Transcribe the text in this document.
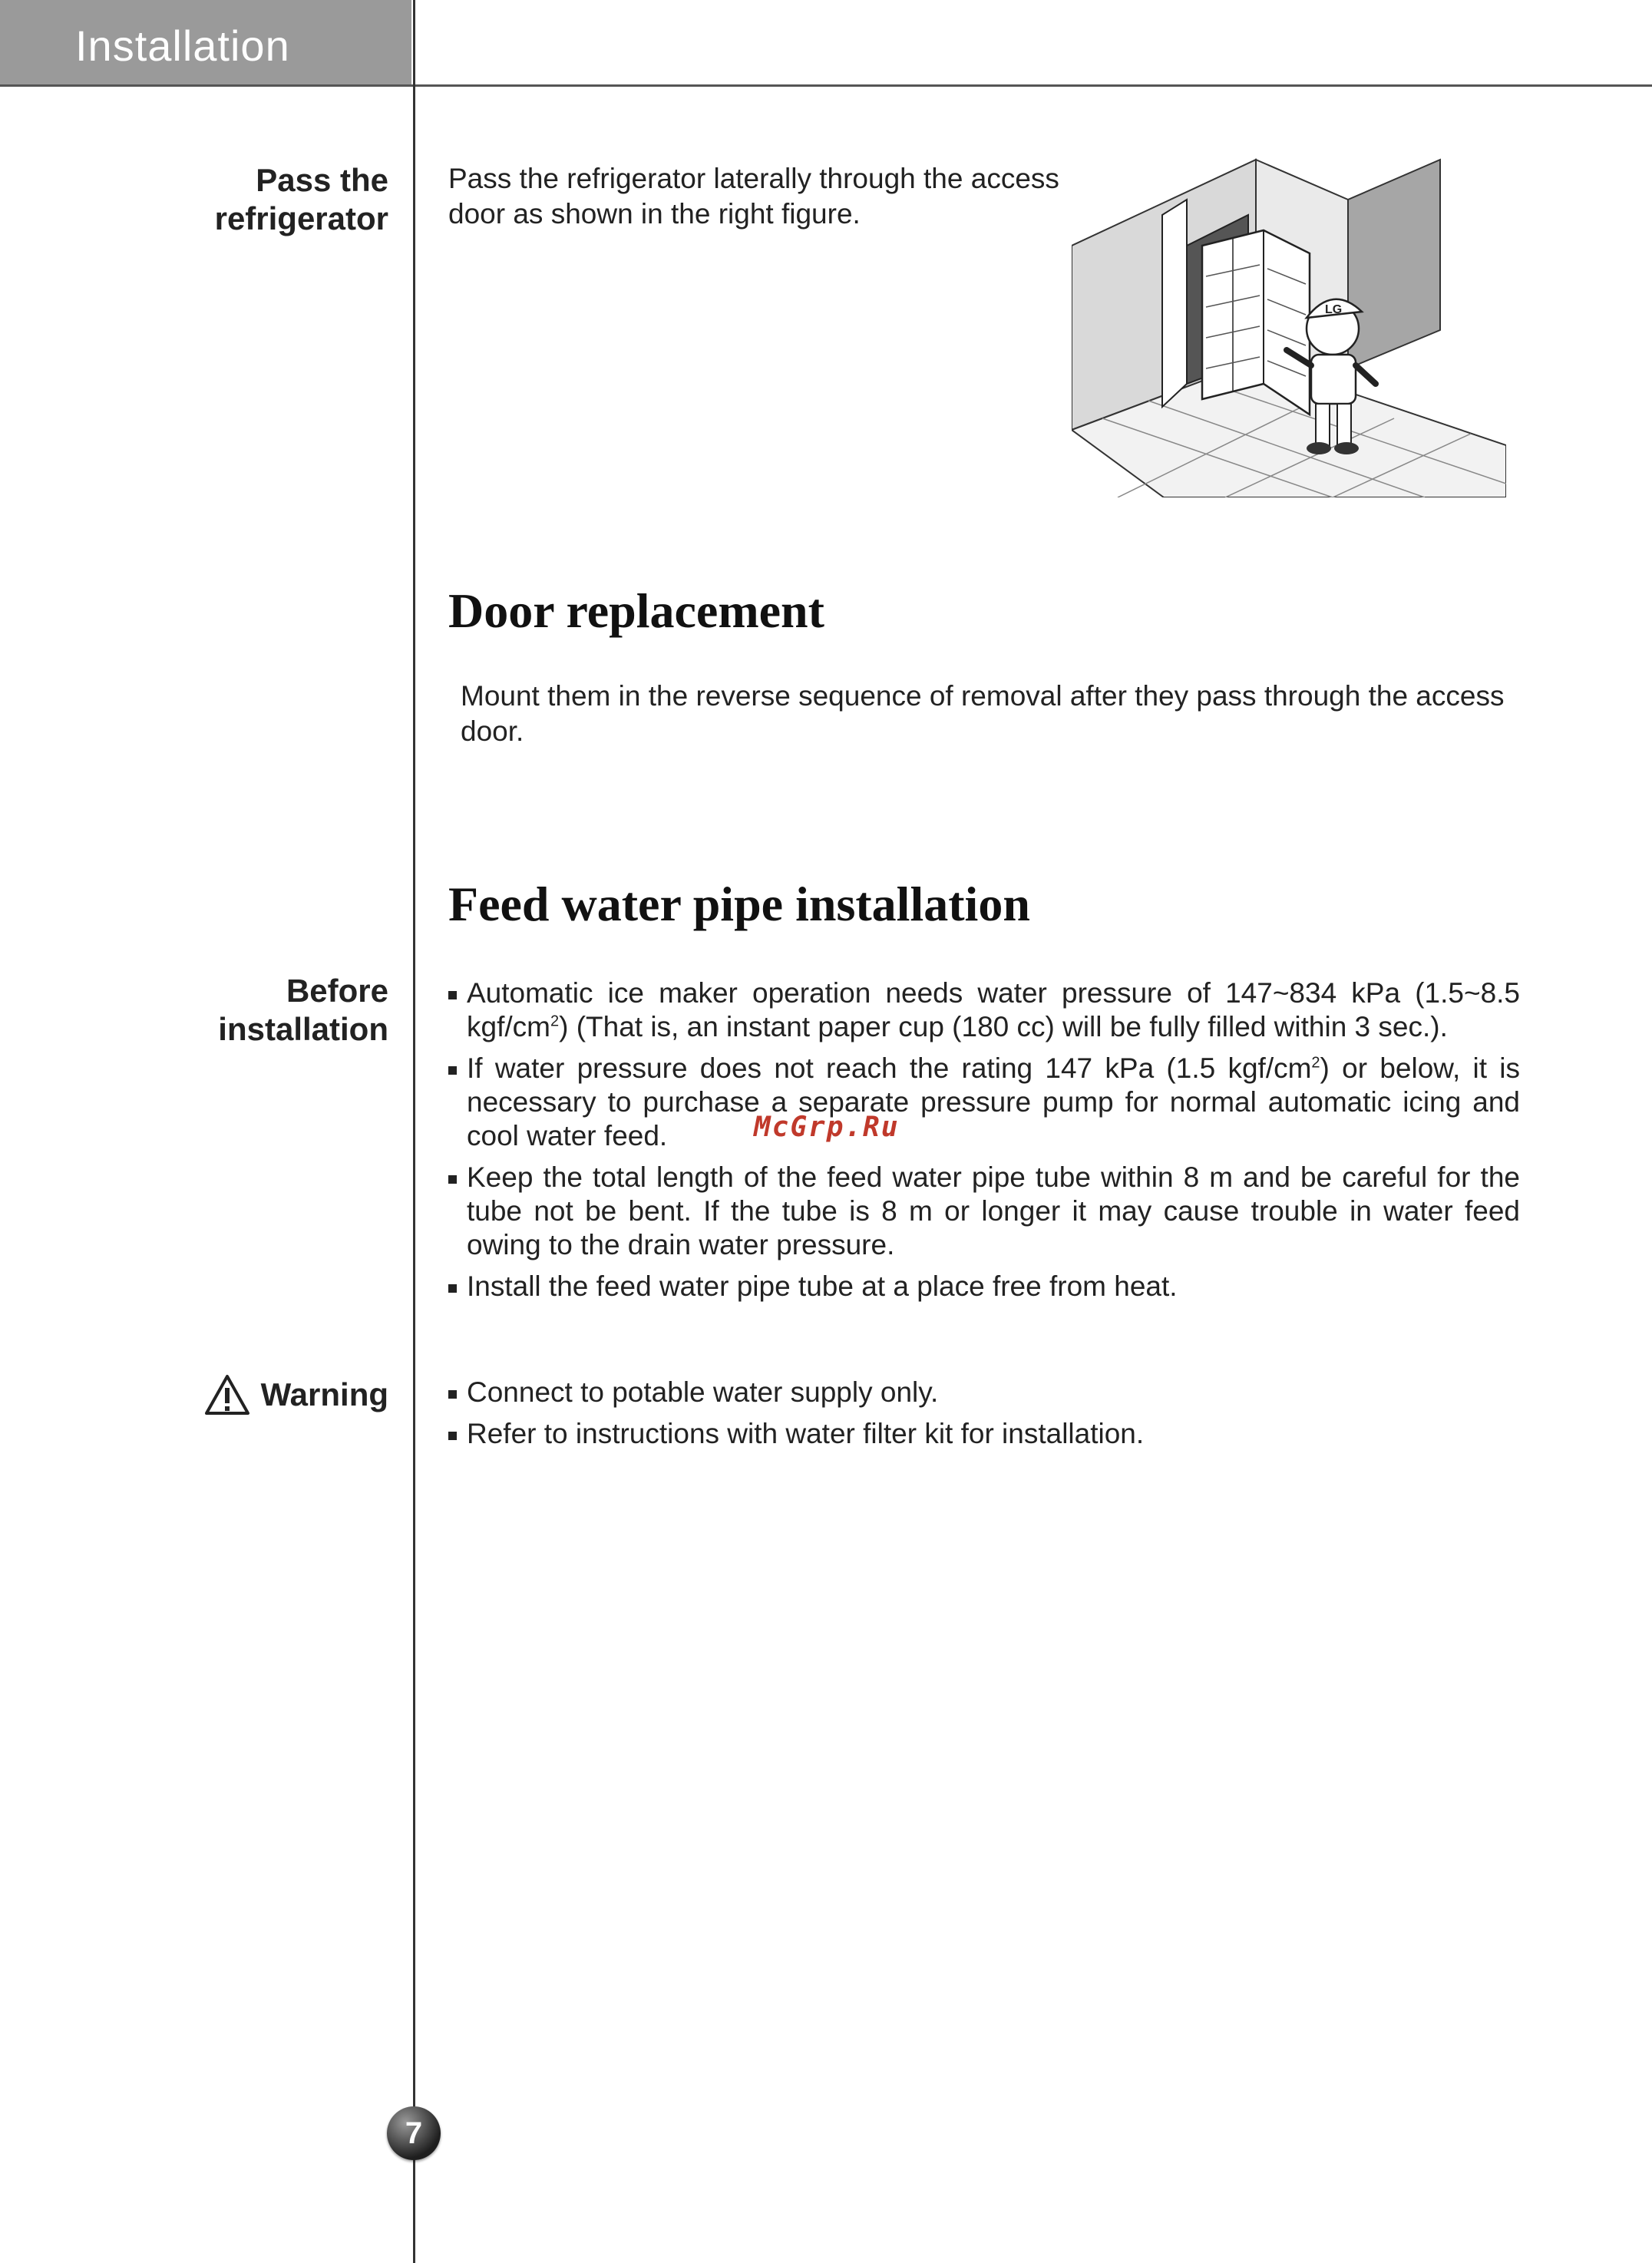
Installation
Pass the
refrigerator
Pass the refrigerator laterally through the access
door as shown in the right figure.
LG
Door replacement
Mount them in the reverse sequence of removal after they pass through the access
door.
Feed water pipe installation
Before
installation
Automatic ice maker operation needs water pressure of 147~834 kPa (1.5~8.5 kgf/$cm^2$) (That is, an instant paper cup (180 cc) will be fully filled within 3 sec.).
If water pressure does not reach the rating 147 kPa (1.5 kgf/$cm^2$) or below, it is necessary to purchase a separate pressure pump for normal automatic icing and cool water feed.
Keep the total length of the feed water pipe tube within 8 m and be careful for the tube not be bent. If the tube is 8 m or longer it may cause trouble in water feed owing to the drain water pressure.
Install the feed water pipe tube at a place free from heat.
McGrp.Ru
Warning	Connect to potable water supply only.
Refer to instructions with water filter kit for installation.
7
